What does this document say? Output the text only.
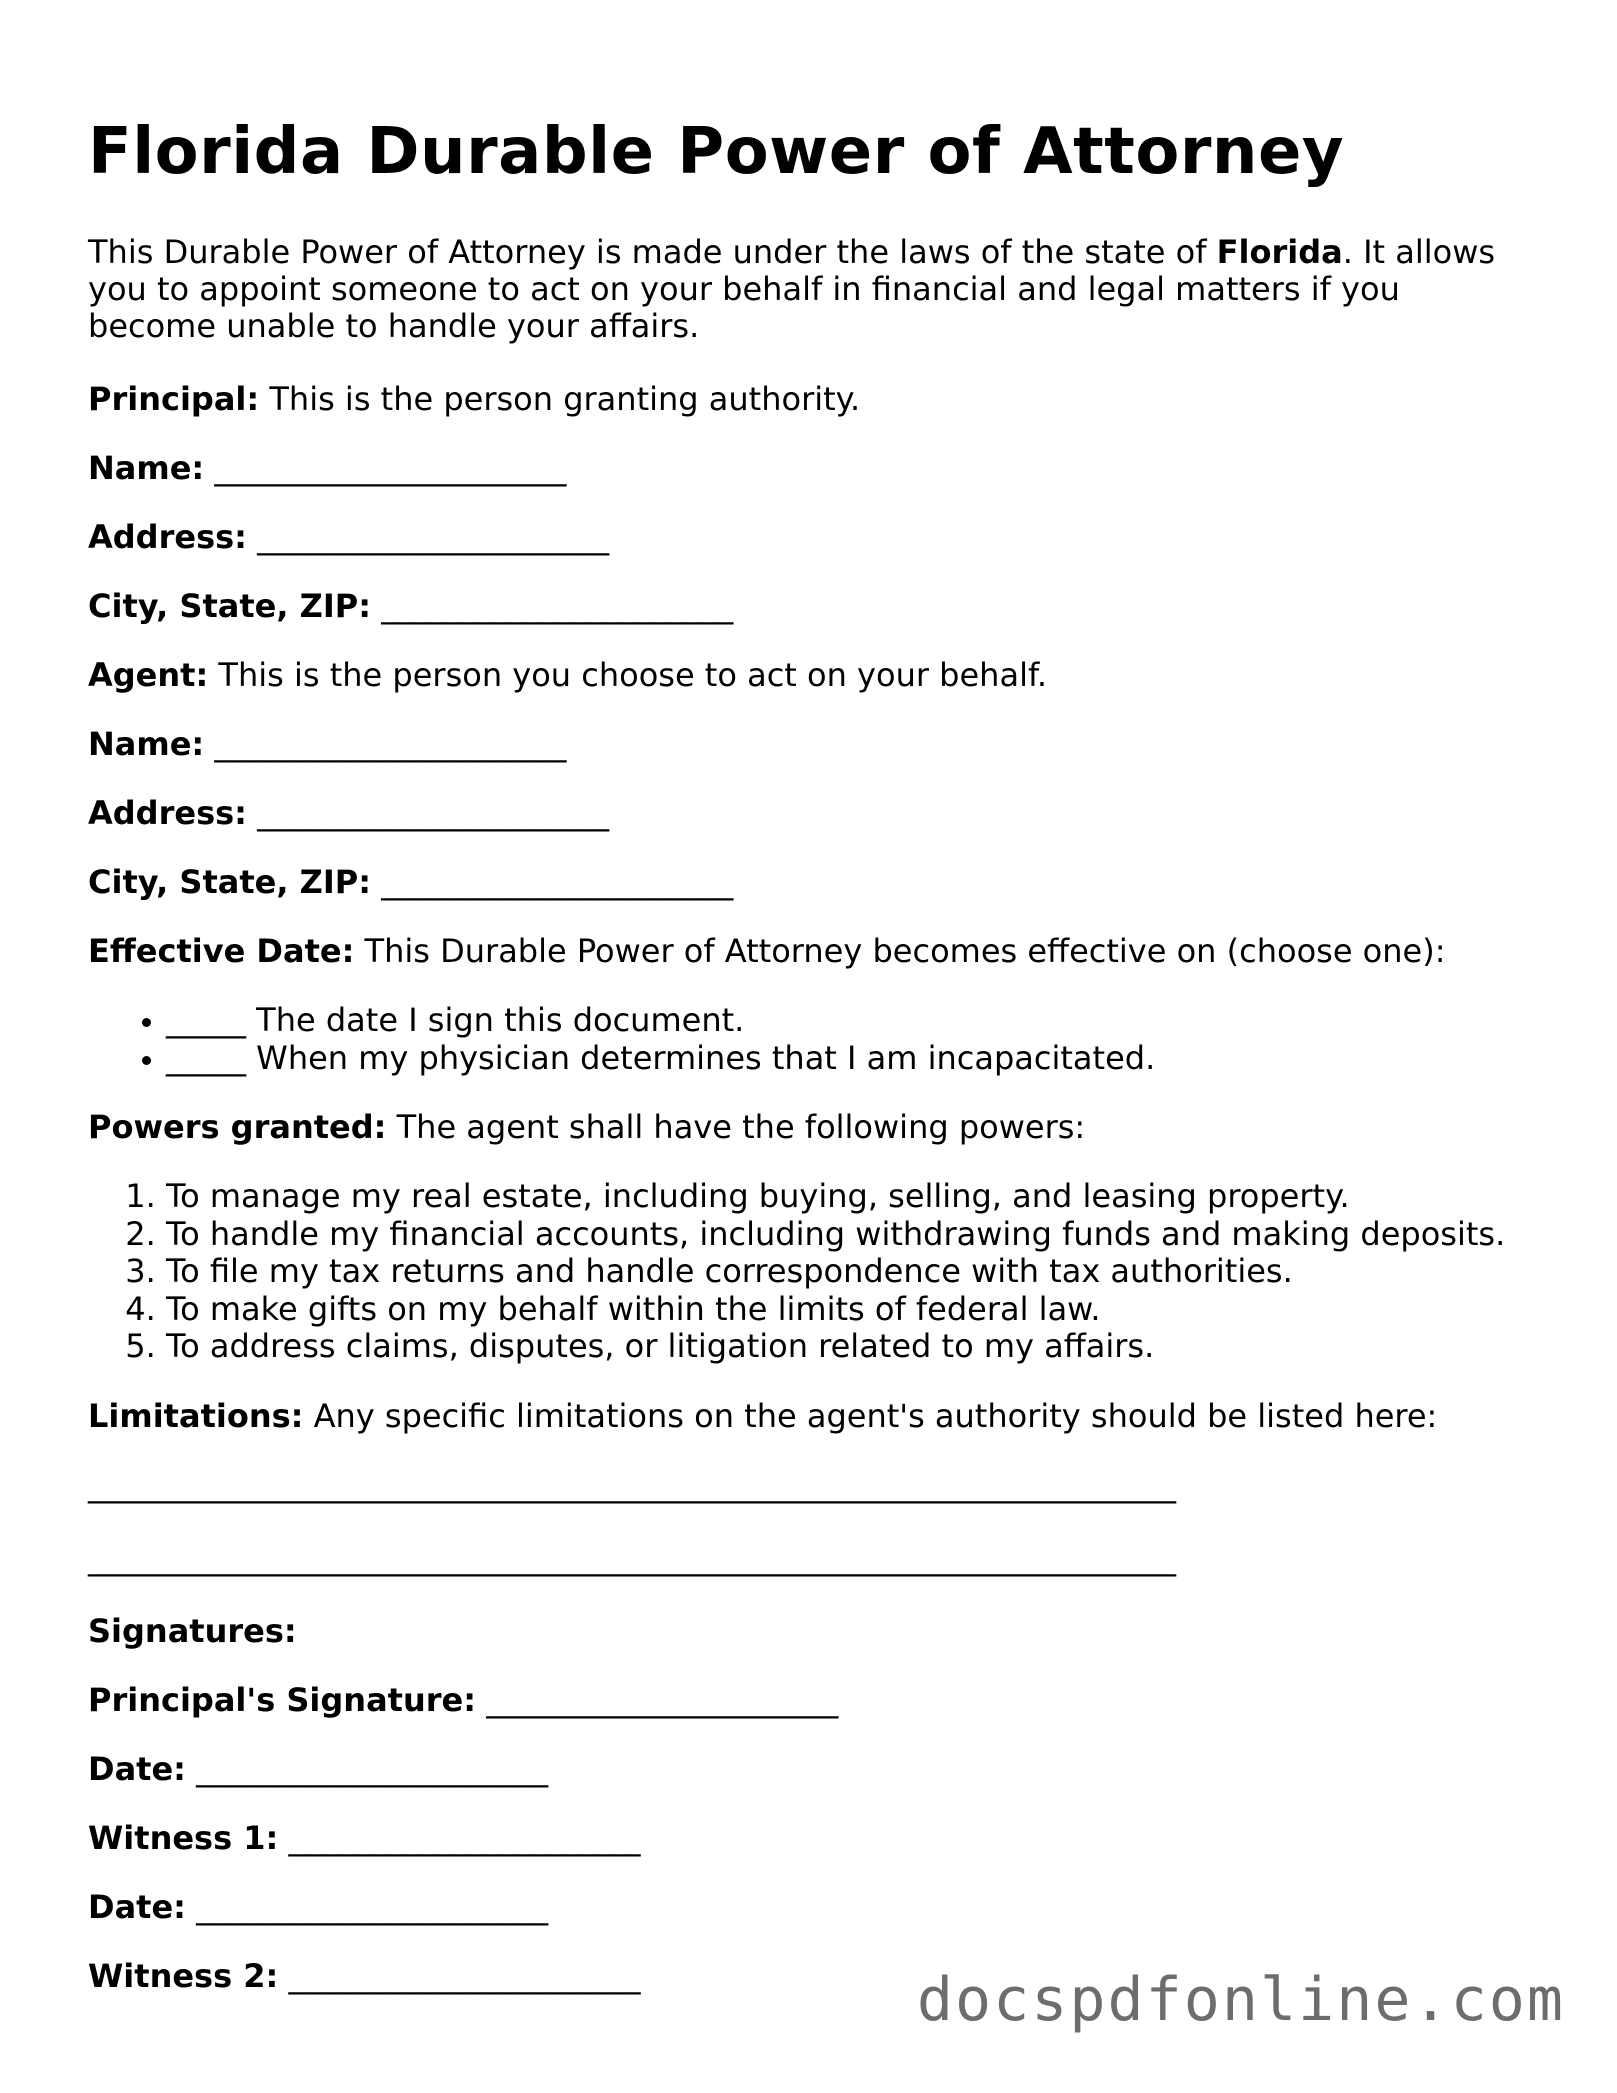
Florida Durable Power of Attorney

This Durable Power of Attorney is made under the laws of the state of Florida. It allows you to appoint someone to act on your behalf in financial and legal matters if you become unable to handle your affairs.

Principal: This is the person granting authority.

Name: ______________________

Address: ______________________

City, State, ZIP: ______________________

Agent: This is the person you choose to act on your behalf.

Name: ______________________

Address: ______________________

City, State, ZIP: ______________________

Effective Date: This Durable Power of Attorney becomes effective on (choose one):

• _____ The date I sign this document.
• _____ When my physician determines that I am incapacitated.

Powers granted: The agent shall have the following powers:

1. To manage my real estate, including buying, selling, and leasing property.
2. To handle my financial accounts, including withdrawing funds and making deposits.
3. To file my tax returns and handle correspondence with tax authorities.
4. To make gifts on my behalf within the limits of federal law.
5. To address claims, disputes, or litigation related to my affairs.

Limitations: Any specific limitations on the agent's authority should be listed here:

____________________________________________________________________
____________________________________________________________________

Signatures:

Principal's Signature: ______________________

Date: ______________________

Witness 1: ______________________

Date: ______________________

Witness 2: ______________________	docspdfonline.com
